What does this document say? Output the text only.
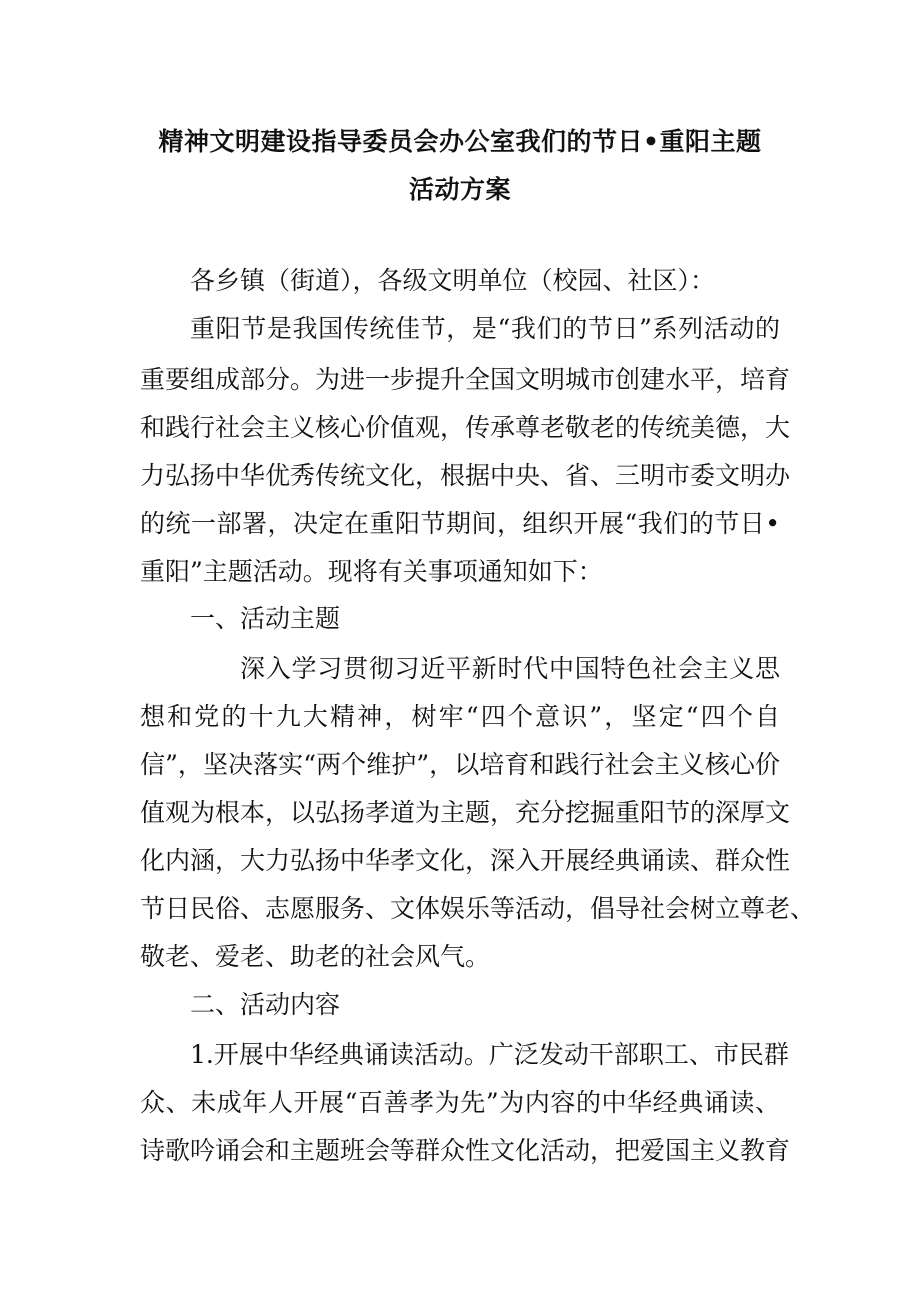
精神文明建设指导委员会办公室我们的节日•重阳主题
活动方案
各乡镇（街道），各级文明单位（校园、社区）：
重阳节是我国传统佳节，是“我们的节日”系列活动的
重要组成部分。为进一步提升全国文明城市创建水平，培育
和践行社会主义核心价值观，传承尊老敬老的传统美德，大
力弘扬中华优秀传统文化，根据中央、省、三明市委文明办
的统一部署，决定在重阳节期间，组织开展“我们的节日•
重阳”主题活动。现将有关事项通知如下：
一、活动主题
深入学习贯彻习近平新时代中国特色社会主义思
想和党的十九大精神，树牢“四个意识”，坚定“四个自
信”，坚决落实“两个维护”，以培育和践行社会主义核心价
值观为根本，以弘扬孝道为主题，充分挖掘重阳节的深厚文
化内涵，大力弘扬中华孝文化，深入开展经典诵读、群众性
节日民俗、志愿服务、文体娱乐等活动，倡导社会树立尊老、
敬老、爱老、助老的社会风气。
二、活动内容
1.开展中华经典诵读活动。广泛发动干部职工、市民群
众、未成年人开展“百善孝为先”为内容的中华经典诵读、
诗歌吟诵会和主题班会等群众性文化活动，把爱国主义教育
